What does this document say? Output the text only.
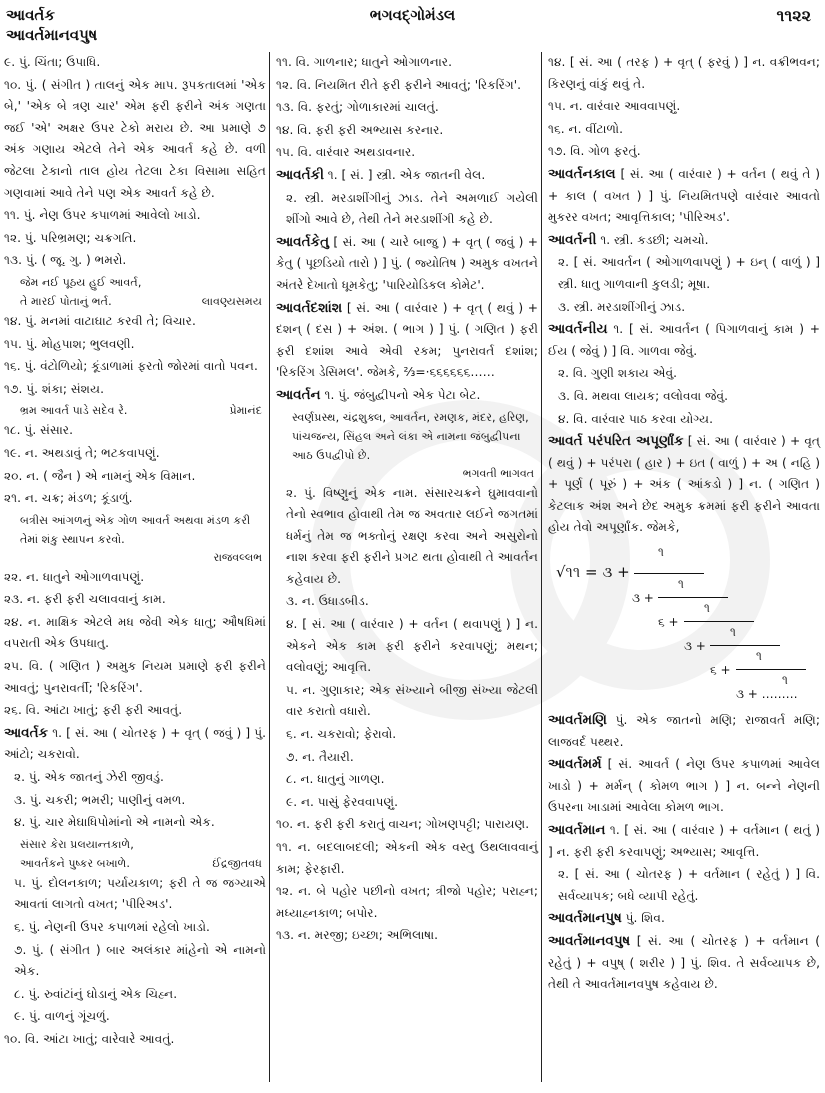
આવર્તક
આવર્તમાનવપુષ
ભગવદ્ગોમંડલ	૧૧૨૨
૯. પું. ચિંતા; ઉપાધિ.
૧૦. પું. ( સંગીત ) તાલનું એક માપ. રૂપકતાલમાં 'એક બે,' 'એક બે ત્રણ ચાર' એમ ફરી ફરીને અંક ગણતા જઈ 'એ' અક્ષર ઉપર ટેકો મરાય છે. આ પ્રમાણે ૭ અંક ગણાય એટલે તેને એક આવર્ત કહે છે. વળી જેટલા ટેકાનો તાલ હોય તેટલા ટેકા વિસામા સહિત ગણવામાં આવે તેને પણ એક આવર્ત કહે છે.
૧૧. પું. નેણ ઉપર કપાળમાં આવેલો ખાડો.
૧૨. પું. પરિભ્રમણ; ચક્રગતિ.
૧૩. પું. ( જૂ. ગુ. ) ભમરો.
જેમ નઈ પૂઠય હુઈ આવર્ત,
તે મારઈ પોતાનું ભર્ત.	લાવણ્યસમય
૧૪. પું. મનમાં વાટાઘાટ કરવી તે; વિચાર.
૧૫. પું. મોહપાશ; ભુલવણી.
૧૬. પું. વંટોળિયો; કૂંડાળામાં ફરતો જોરમાં વાતો પવન.
૧૭. પું. શંકા; સંશય.
ભ્રમ આવર્ત પાડે સદેવ રે.	પ્રેમાનંદ
૧૮. પું. સંસાર.
૧૯. ન. અથડાવું તે; ભટકવાપણું.
૨૦. ન. ( જૈન ) એ નામનું એક વિમાન.
૨૧. ન. ચક્ર; મંડળ; કૂંડાળું.
બત્રીસ આંગળનું એક ગોળ આવર્ત અથવા મંડળ કરી તેમાં શંકુ સ્થાપન કરવો.
રાજવલ્લભ
૨૨. ન. ધાતુને ઓગાળવાપણું.
૨૩. ન. ફરી ફરી ચલાવવાનું કામ.
૨૪. ન. માક્ષિક એટલે મધ જેવી એક ધાતુ; ઔષધિમાં વપરાતી એક ઉપધાતુ.
૨૫. વિ. ( ગણિત ) અમુક નિયમ પ્રમાણે ફરી ફરીને આવતું; પુનરાવર્તી; 'રિકરિંગ'.
૨૬. વિ. આંટા ખાતું; ફરી ફરી આવતું.
આવર્તક ૧. [ સં. આ ( ચોતરફ ) + વૃત્ ( જવું ) ] પું. આંટો; ચકરાવો.
૨. પું. એક જાતનું ઝેરી જીવડું.
૩. પું. ચકરી; ભમરી; પાણીનું વમળ.
૪. પું. ચાર મેઘાધિપોમાંનો એ નામનો એક.
સંસાર કેરા પ્રલયાન્તકાળે,
આવર્તકને પુષ્કર બખાળે.	ઈંદ્રજીતવધ
૫. પું. દોલનકાળ; પર્યાયકાળ; ફરી તે જ જગ્યાએ આવતાં લાગતો વખત; 'પીરિઅડ'.
૬. પું. નેણની ઉપર કપાળમાં રહેલો ખાડો.
૭. પું. ( સંગીત ) બાર અલંકાર માંહેનો એ નામનો એક.
૮. પું. રુવાંટાંનું ઘોડાનું એક ચિહ્ન.
૯. પું. વાળનું ગૂંચળું.
૧૦. વિ. આંટા ખાતું; વારેવારે આવતું.
૧૧. વિ. ગાળનાર; ધાતુને ઓગાળનાર.
૧૨. વિ. નિયમિત રીતે ફરી ફરીને આવતું; 'રિકરિંગ'.
૧૩. વિ. ફરતું; ગોળાકારમાં ચાલતું.
૧૪. વિ. ફરી ફરી અભ્યાસ કરનાર.
૧૫. વિ. વારંવાર અથડાવનાર.
આવર્તકી ૧. [ સં. ] સ્ત્રી. એક જાતની વેલ.
૨. સ્ત્રી. મરડાશીંગીનું ઝાડ. તેને અમળાઈ ગયેલી શીંગો આવે છે, તેથી તેને મરડાશીંગી કહે છે.
આવર્તકેતુ [ સં. આ ( ચારે બાજુ ) + વૃત્ ( જવું ) + કેતુ ( પૂછડિયો તારો ) ] પું. ( જ્યોતિષ ) અમુક વખતને અંતરે દેખાતો ધૂમકેતુ; 'પારિયોડિકલ કોમેટ'.
આવર્તદશાંશ [ સં. આ ( વારંવાર ) + વૃત્ ( થવું ) + દશન્ ( દસ ) + અંશ. ( ભાગ ) ] પું. ( ગણિત ) ફરી ફરી દશાંશ આવે એવી રકમ; પુનરાવર્ત દશાંશ; 'રિકરિંગ ડેસિમલ'. જેમકે, ⅔=·૬૬૬૬૬૬……
આવર્તન ૧. પું. જંબુદ્વીપનો એક પેટા બેટ.
સ્વર્ણપ્રસ્થ, ચંદ્રશુક્લ, આવર્તન, રમણક, મંદર, હરિણ, પાંચજન્ય, સિંહલ અને લંકા એ નામના જંબુદ્વીપના આઠ ઉપદ્વીપો છે.
ભગવતી ભાગવત
૨. પું. વિષ્ણુનું એક નામ. સંસારચક્રને ઘુમાવવાનો તેનો સ્વભાવ હોવાથી તેમ જ અવતાર લઈને જગતમાં ધર્મનું તેમ જ ભક્તોનું રક્ષણ કરવા અને અસુરોનો નાશ કરવા ફરી ફરીને પ્રગટ થતા હોવાથી તે આવર્તન કહેવાય છે.
૩. ન. ઉધાડબીડ.
૪. [ સં. આ ( વારંવાર ) + વર્તન ( થવાપણું ) ] ન. એકને એક કામ ફરી ફરીને કરવાપણું; મથન; વલોવણું; આવૃત્તિ.
૫. ન. ગુણાકાર; એક સંખ્યાને બીજી સંખ્યા જેટલી વાર કરાતો વધારો.
૬. ન. ચકરાવો; ફેરાવો.
૭. ન. તૈયારી.
૮. ન. ધાતુનું ગાળણ.
૯. ન. પાસું ફેરવવાપણું.
૧૦. ન. ફરી ફરી કરાતું વાચન; ગોખણપટ્ટી; પારાયણ.
૧૧. ન. બદલાબદલી; એકની એક વસ્તુ ઉથલાવવાનું કામ; ફેરફારી.
૧૨. ન. બે પહોર પછીનો વખત; ત્રીજો પહોર; પરાહ્ન; મધ્યાહ્નકાળ; બપોર.
૧૩. ન. મરજી; ઇચ્છા; અભિલાષા.
૧૪. [ સં. આ ( તરફ ) + વૃત્ ( ફરવું ) ] ન. વક્રીભવન; કિરણનું વાંકું થવું તે.
૧૫. ન. વારંવાર આવવાપણું.
૧૬. ન. વીંટાળો.
૧૭. વિ. ગોળ ફરતું.
આવર્તનકાલ [ સં. આ ( વારંવાર ) + વર્તન ( થવું તે ) + કાલ ( વખત ) ] પું. નિયમિતપણે વારંવાર આવતો મુકરર વખત; આવૃત્તિકાલ; 'પીરિઅડ'.
આવર્તની ૧. સ્ત્રી. કડછી; ચમચો.
૨. [ સં. આવર્તન ( ઓગાળવાપણું ) + ઇન્ ( વાળું ) ] સ્ત્રી. ધાતુ ગાળવાની કુલડી; મૂષા.
૩. સ્ત્રી. મરડાશીંગીનું ઝાડ.
આવર્તનીય ૧. [ સં. આવર્તન ( પિગાળવાનું કામ ) + ઈય ( જેવું ) ] વિ. ગાળવા જેવું.
૨. વિ. ગુણી શકાય એવું.
૩. વિ. મથવા લાયક; વલોવવા જેવું.
૪. વિ. વારંવાર પાઠ કરવા યોગ્ય.
આવર્ત પરંપરિત અપૂર્ણાંક [ સં. આ ( વારંવાર ) + વૃત્ ( થવું ) + પરંપરા ( હાર ) + ઇત ( વાળું ) + અ ( નહિ ) + પૂર્ણ ( પૂરું ) + અંક ( આંકડો ) ] ન. ( ગણિત ) કેટલાક અંશ અને છેદ અમુક ક્રમમાં ફરી ફરીને આવતા હોય તેવો અપૂર્ણાંક. જેમકે,
૧
√૧૧ = ૩ +
૧
૩ +
૧
૬ +
૧
૩ +
૧
૬ +
૧
૩ + ………
આવર્તમણિ પું. એક જાતનો મણિ; રાજાવર્ત મણિ; લાજવર્દ પથ્થર.
આવર્તમર્મ [ સં. આવર્ત ( નેણ ઉપર કપાળમાં આવેલ ખાડો ) + મર્મન્ ( કોમળ ભાગ ) ] ન. બન્ને નેણની ઉપરના ખાડામાં આવેલા કોમળ ભાગ.
આવર્તમાન ૧. [ સં. આ ( વારંવાર ) + વર્તમાન ( થતું ) ] ન. ફરી ફરી કરવાપણું; અભ્યાસ; આવૃત્તિ.
૨. [ સં. આ ( ચોતરફ ) + વર્તમાન ( રહેતું ) ] વિ. સર્વવ્યાપક; બધે વ્યાપી રહેતું.
આવર્તમાનપુષ પું. શિવ.
આવર્તમાનવપુષ [ સં. આ ( ચોતરફ ) + વર્તમાન ( રહેતું ) + વપુષ્ ( શરીર ) ] પું. શિવ. તે સર્વવ્યાપક છે, તેથી તે આવર્તમાનવપુષ કહેવાય છે.
